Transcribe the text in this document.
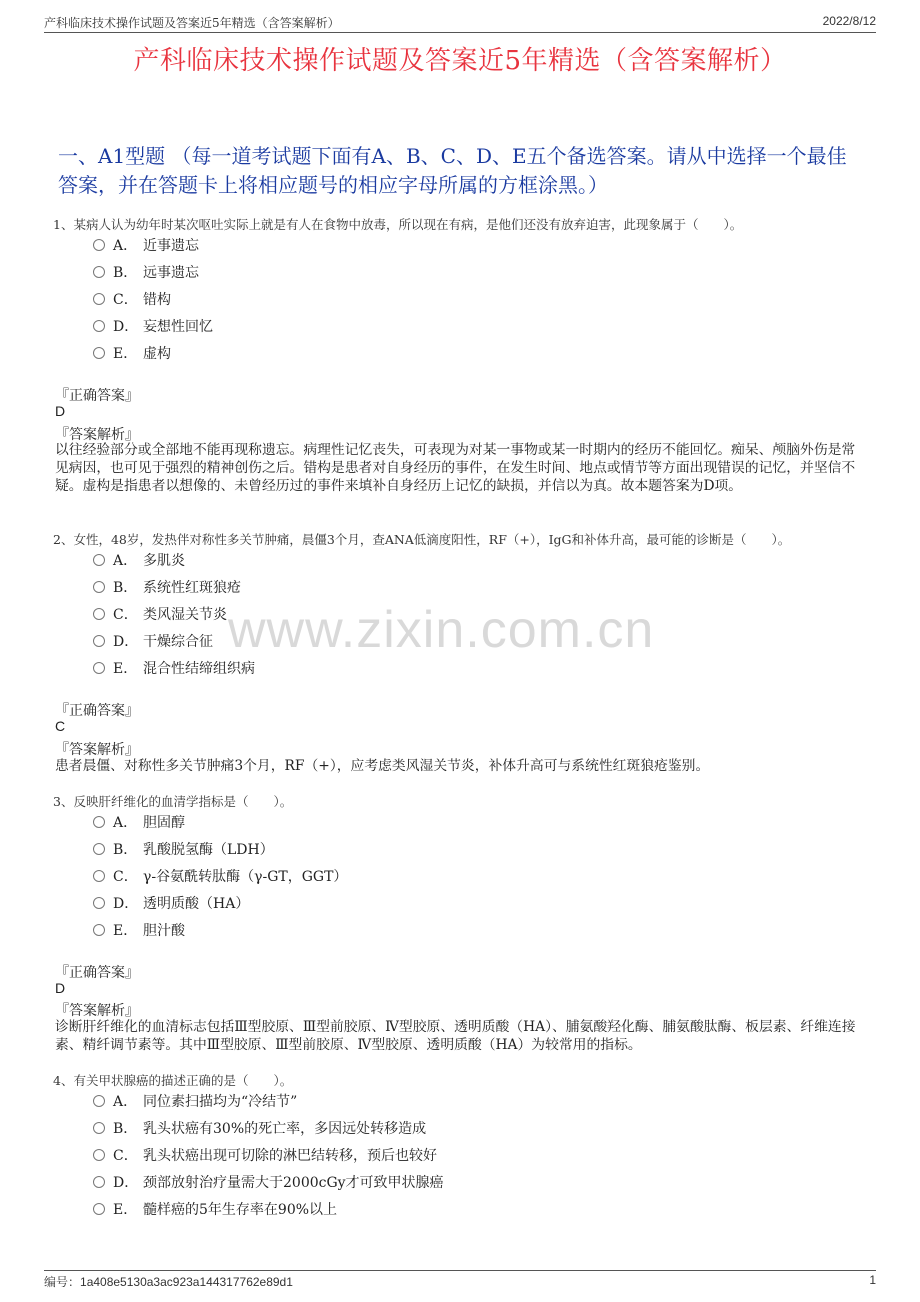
产科临床技术操作试题及答案近5年精选（含答案解析）	2022/8/12
产科临床技术操作试题及答案近5年精选（含答案解析）
一、A1型题 （每一道考试题下面有A、B、C、D、E五个备选答案。请从中选择一个最佳答案，并在答题卡上将相应题号的相应字母所属的方框涂黑。）
www.zixin.com.cn
1、某病人认为幼年时某次呕吐实际上就是有人在食物中放毒，所以现在有病，是他们还没有放弃迫害，此现象属于（　　）。
A． 近事遗忘
B． 远事遗忘
C． 错构
D． 妄想性回忆
E． 虚构
『正确答案』
D
『答案解析』
以往经验部分或全部地不能再现称遗忘。病理性记忆丧失，可表现为对某一事物或某一时期内的经历不能回忆。痴呆、颅脑外伤是常见病因，也可见于强烈的精神创伤之后。错构是患者对自身经历的事件，在发生时间、地点或情节等方面出现错误的记忆，并坚信不疑。虚构是指患者以想像的、未曾经历过的事件来填补自身经历上记忆的缺损，并信以为真。故本题答案为D项。
2、女性，48岁，发热伴对称性多关节肿痛，晨僵3个月，查ANA低滴度阳性，RF（+），IgG和补体升高，最可能的诊断是（　　）。
A． 多肌炎
B． 系统性红斑狼疮
C． 类风湿关节炎
D． 干燥综合征
E． 混合性结缔组织病
『正确答案』
C
『答案解析』
患者晨僵、对称性多关节肿痛3个月，RF（+），应考虑类风湿关节炎，补体升高可与系统性红斑狼疮鉴别。
3、反映肝纤维化的血清学指标是（　　）。
A． 胆固醇
B． 乳酸脱氢酶（LDH）
C． γ-谷氨酰转肽酶（γ-GT，GGT）
D． 透明质酸（HA）
E． 胆汁酸
『正确答案』
D
『答案解析』
诊断肝纤维化的血清标志包括Ⅲ型胶原、Ⅲ型前胶原、Ⅳ型胶原、透明质酸（HA）、脯氨酸羟化酶、脯氨酸肽酶、板层素、纤维连接素、精纤调节素等。其中Ⅲ型胶原、Ⅲ型前胶原、Ⅳ型胶原、透明质酸（HA）为较常用的指标。
4、有关甲状腺癌的描述正确的是（　　）。
A． 同位素扫描均为“冷结节”
B． 乳头状癌有30%的死亡率，多因远处转移造成
C． 乳头状癌出现可切除的淋巴结转移，预后也较好
D． 颈部放射治疗量需大于2000cGy才可致甲状腺癌
E． 髓样癌的5年生存率在90%以上
编号：1a408e5130a3ac923a144317762e89d1	1
